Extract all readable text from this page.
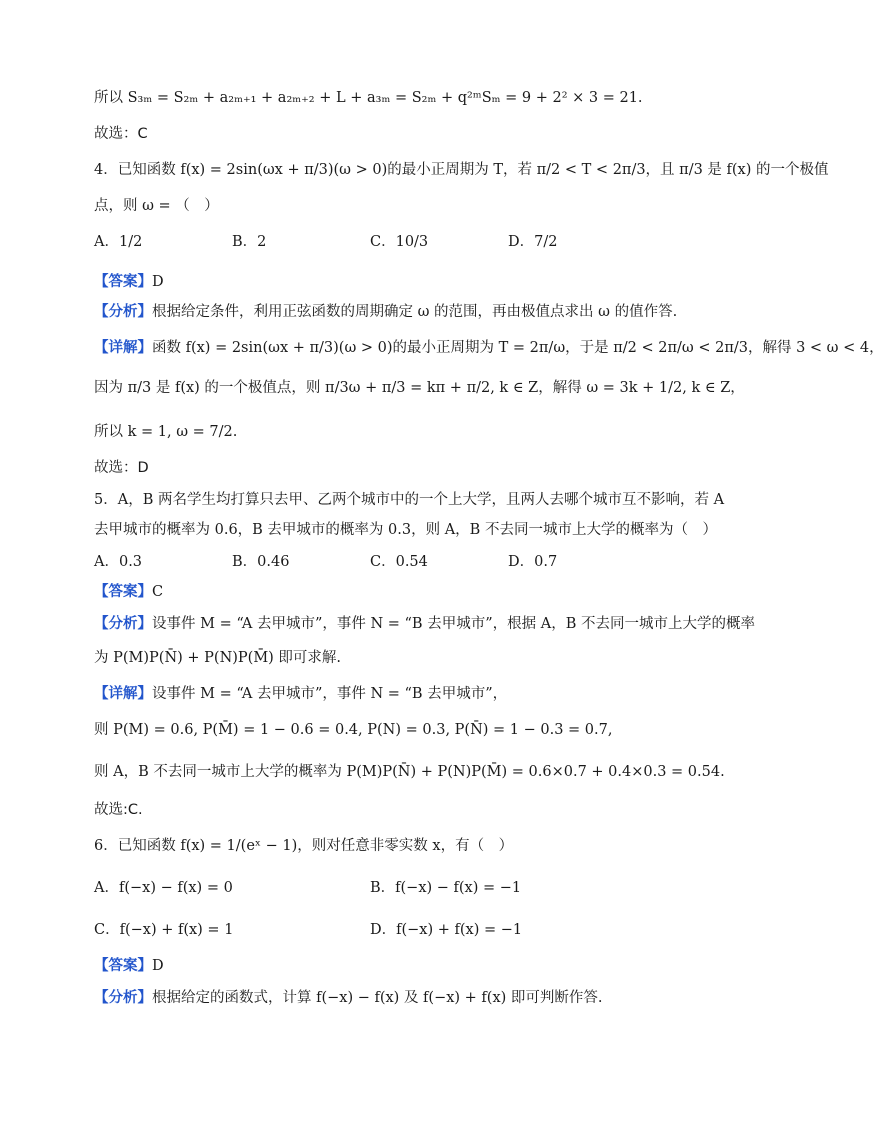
所以 S₃ₘ = S₂ₘ + a₂ₘ₊₁ + a₂ₘ₊₂ + L + a₃ₘ = S₂ₘ + q²ᵐSₘ = 9 + 2² × 3 = 21.
故选：C
4．已知函数 f(x) = 2sin(ωx + π/3)(ω > 0)的最小正周期为 T，若 π/2 < T < 2π/3，且 π/3 是 f(x) 的一个极值
点，则 ω = （　）
A．1/2	B．2	C．10/3	D．7/2
【答案】D
【分析】根据给定条件，利用正弦函数的周期确定 ω 的范围，再由极值点求出 ω 的值作答.
【详解】函数 f(x) = 2sin(ωx + π/3)(ω > 0)的最小正周期为 T = 2π/ω，于是 π/2 < 2π/ω < 2π/3，解得 3 < ω < 4，
因为 π/3 是 f(x) 的一个极值点，则 π/3ω + π/3 = kπ + π/2, k ∈ Z，解得 ω = 3k + 1/2, k ∈ Z，
所以 k = 1, ω = 7/2.
故选：D
5．A，B 两名学生均打算只去甲、乙两个城市中的一个上大学，且两人去哪个城市互不影响，若 A
去甲城市的概率为 0.6，B 去甲城市的概率为 0.3，则 A，B 不去同一城市上大学的概率为（　）
A．0.3	B．0.46	C．0.54	D．0.7
【答案】C
【分析】设事件 M = “A 去甲城市”，事件 N = “B 去甲城市”，根据 A，B 不去同一城市上大学的概率
为 P(M)P(N̄) + P(N)P(M̄) 即可求解.
【详解】设事件 M = “A 去甲城市”，事件 N = “B 去甲城市”，
则 P(M) = 0.6, P(M̄) = 1 − 0.6 = 0.4, P(N) = 0.3, P(N̄) = 1 − 0.3 = 0.7,
则 A，B 不去同一城市上大学的概率为 P(M)P(N̄) + P(N)P(M̄) = 0.6×0.7 + 0.4×0.3 = 0.54.
故选:C.
6．已知函数 f(x) = 1/(eˣ − 1)，则对任意非零实数 x，有（　）
A．f(−x) − f(x) = 0	B．f(−x) − f(x) = −1
C．f(−x) + f(x) = 1	D．f(−x) + f(x) = −1
【答案】D
【分析】根据给定的函数式，计算 f(−x) − f(x) 及 f(−x) + f(x) 即可判断作答.
